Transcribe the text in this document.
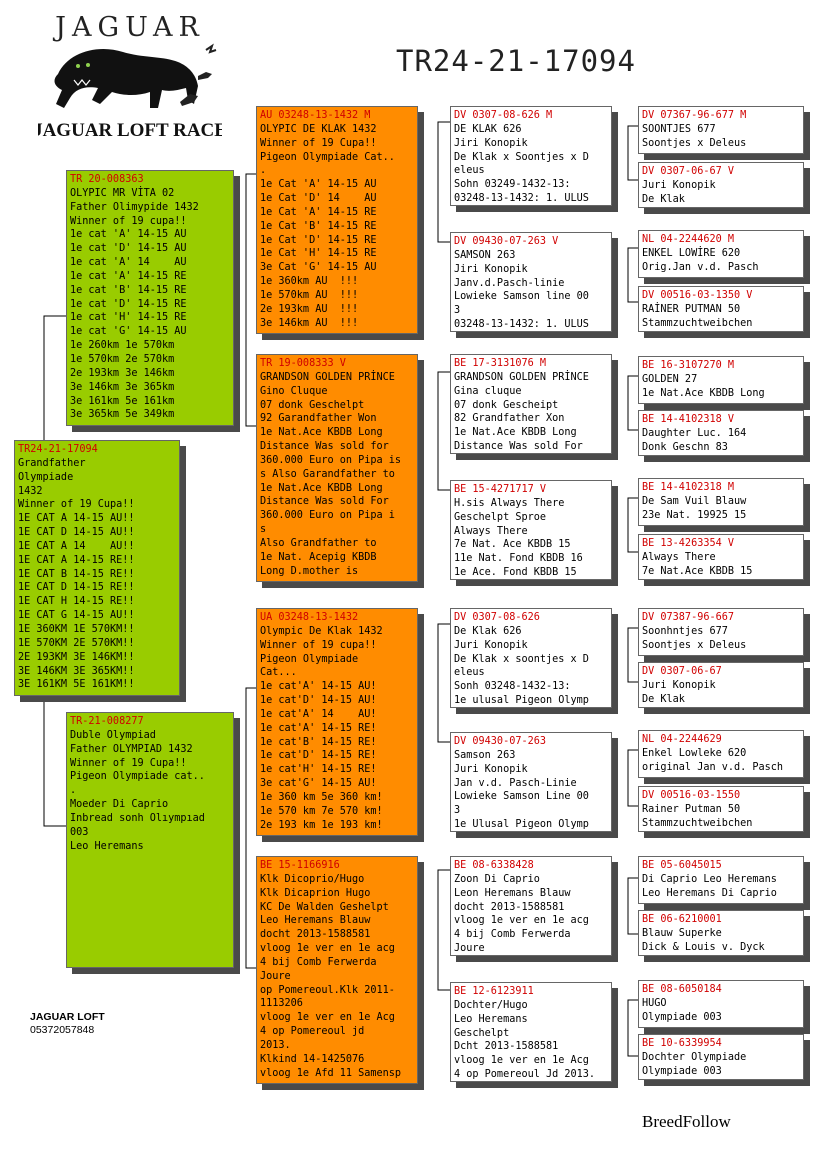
JAGUAR
JAGUAR LOFT RACE
TR24-21-17094
TR24-21-17094
Grandfather
Olympiade
1432
Winner of 19 Cupa!!
1E CAT A 14-15 AU!!
1E CAT D 14-15 AU!!
1E CAT A 14    AU!!
1E CAT A 14-15 RE!!
1E CAT B 14-15 RE!!
1E CAT D 14-15 RE!!
1E CAT H 14-15 RE!!
1E CAT G 14-15 AU!!
1E 360KM 1E 570KM!!
1E 570KM 2E 570KM!!
2E 193KM 3E 146KM!!
3E 146KM 3E 365KM!!
3E 161KM 5E 161KM!!
TR 20-008363
OLYPIC MR VİTA 02
Father Olimypide 1432
Winner of 19 cupa!!
1e cat 'A' 14-15 AU
1e cat 'D' 14-15 AU
1e cat 'A' 14    AU
1e cat 'A' 14-15 RE
1e cat 'B' 14-15 RE
1e cat 'D' 14-15 RE
1e cat 'H' 14-15 RE
1e cat 'G' 14-15 AU
1e 260km 1e 570km
1e 570km 2e 570km
2e 193km 3e 146km
3e 146km 3e 365km
3e 161km 5e 161km
3e 365km 5e 349km
TR-21-008277
Duble Olympiad
Father OLYMPIAD 1432
Winner of 19 Cupa!!
Pigeon Olympiade cat..
.
Moeder Di Caprio
Inbread sonh Olıympıad
003
Leo Heremans
AU 03248-13-1432 M
OLYPIC DE KLAK 1432
Winner of 19 Cupa!!
Pigeon Olympiade Cat..
.
1e Cat 'A' 14-15 AU
1e Cat 'D' 14    AU
1e Cat 'A' 14-15 RE
1e Cat 'B' 14-15 RE
1e Cat 'D' 14-15 RE
1e Cat 'H' 14-15 RE
3e Cat 'G' 14-15 AU
1e 360km AU  !!!
1e 570km AU  !!!
2e 193km AU  !!!
3e 146km AU  !!!
TR 19-008333 V
GRANDSON GOLDEN PRİNCE
Gino Cluque
07 donk Geschelpt
92 Garandfather Won
1e Nat.Ace KBDB Long
Distance Was sold for
360.000 Euro on Pipa is
s Also Garandfather to
1e Nat.Ace KBDB Long
Distance Was sold For
360.000 Euro on Pipa i
s
Also Grandfather to
1e Nat. Acepig KBDB
Long D.mother is
UA 03248-13-1432
Olympic De Klak 1432
Winner of 19 cupa!!
Pigeon Olympiade
Cat...
1e cat'A' 14-15 AU!
1e cat'D' 14-15 AU!
1e cat'A' 14    AU!
1e cat'A' 14-15 RE!
1e cat'B' 14-15 RE!
1e cat'D' 14-15 RE!
1e cat'H' 14-15 RE!
3e cat'G' 14-15 AU!
1e 360 km 5e 360 km!
1e 570 km 7e 570 km!
2e 193 km 1e 193 km!
BE 15-1166916
Klk Dicoprio/Hugo
Klk Dicaprion Hugo
KC De Walden Geshelpt
Leo Heremans Blauw
docht 2013-1588581
vloog 1e ver en 1e acg
4 bij Comb Ferwerda
Joure
op Pomereoul.Klk 2011-
1113206
vloog 1e ver en 1e Acg
4 op Pomereoul jd
2013.
Klkind 14-1425076
vloog 1e Afd 11 Samensp
DV 0307-08-626 M
DE KLAK 626
Jiri Konopik
De Klak x Soontjes x D
eleus
Sohn 03249-1432-13:
03248-13-1432: 1. ULUS
DV 09430-07-263 V
SAMSON 263
Jiri Konopik
Janv.d.Pasch-linie
Lowieke Samson line 00
3
03248-13-1432: 1. ULUS
BE 17-3131076 M
GRANDSON GOLDEN PRİNCE
Gina cluque
07 donk Gescheipt
82 Grandfather Xon
1e Nat.Ace KBDB Long
Distance Was sold For
BE 15-4271717 V
H.sis Always There
Geschelpt Sproe
Always There
7e Nat. Ace KBDB 15
11e Nat. Fond KBDB 16
1e Ace. Fond KBDB 15
DV 0307-08-626
De Klak 626
Juri Konopik
De Klak x soontjes x D
eleus
Sonh 03248-1432-13:
1e ulusal Pigeon Olymp
DV 09430-07-263
Samson 263
Juri Konopik
Jan v.d. Pasch-Linie
Lowieke Samson Line 00
3
1e Ulusal Pigeon Olymp
BE 08-6338428
Zoon Di Caprio
Leon Heremans Blauw
docht 2013-1588581
vloog 1e ver en 1e acg
4 bij Comb Ferwerda
Joure
BE 12-6123911
Dochter/Hugo
Leo Heremans
Geschelpt
Dcht 2013-1588581
vloog 1e ver en 1e Acg
4 op Pomereoul Jd 2013.
DV 07367-96-677 M
SOONTJES 677
Soontjes x Deleus
DV 0307-06-67 V
Juri Konopik
De Klak
NL 04-2244620 M
ENKEL LOWİRE 620
Orig.Jan v.d. Pasch
DV 00516-03-1350 V
RAİNER PUTMAN 50
Stammzuchtweibchen
BE 16-3107270 M
GOLDEN 27
1e Nat.Ace KBDB Long
BE 14-4102318 V
Daughter Luc. 164
Donk Geschn 83
BE 14-4102318 M
De Sam Vuil Blauw
23e Nat. 19925 15
BE 13-4263354 V
Always There
7e Nat.Ace KBDB 15
DV 07387-96-667
Soonhntjes 677
Soontjes x Deleus
DV 0307-06-67
Juri Konopik
De Klak
NL 04-2244629
Enkel Lowleke 620
original Jan v.d. Pasch
DV 00516-03-1550
Rainer Putman 50
Stammzuchtweibchen
BE 05-6045015
Di Caprio Leo Heremans
Leo Heremans Di Caprio
BE 06-6210001
Blauw Superke
Dick & Louis v. Dyck
BE 08-6050184
HUGO
Olympiade 003
BE 10-6339954
Dochter Olympiade
Olympiade 003
JAGUAR LOFT
05372057848
BreedFollow
